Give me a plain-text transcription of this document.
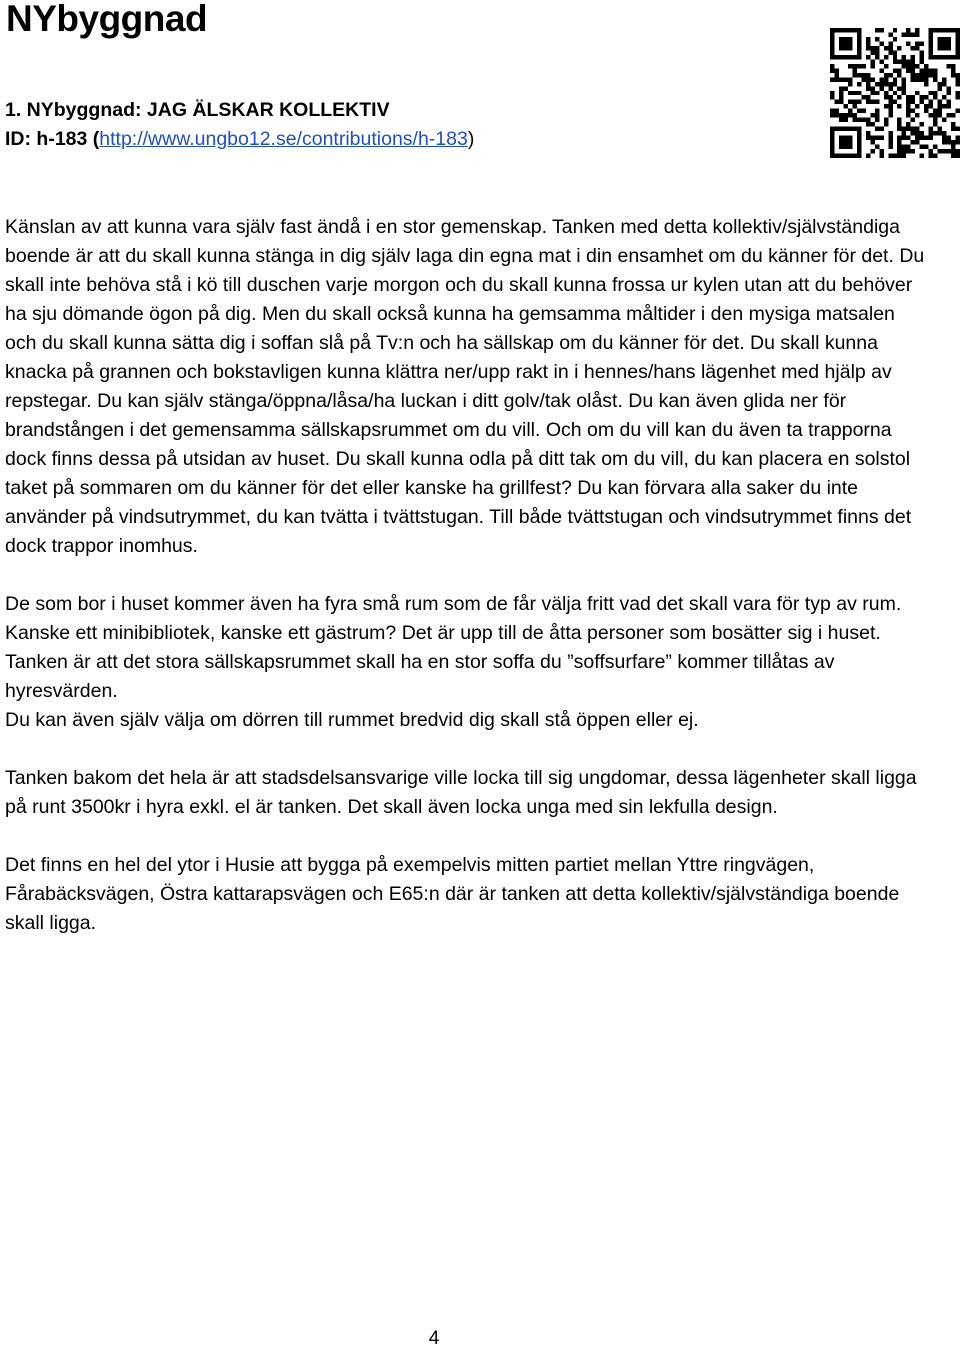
NYbyggnad
1. NYbyggnad: JAG ÄLSKAR KOLLEKTIV
ID: h-183 (http://www.ungbo12.se/contributions/h-183)

Känslan av att kunna vara själv fast ändå i en stor gemenskap. Tanken med detta kollektiv/självständiga boende är att du skall kunna stänga in dig själv laga din egna mat i din ensamhet om du känner för det. Du skall inte behöva stå i kö till duschen varje morgon och du skall kunna frossa ur kylen utan att du behöver ha sju dömande ögon på dig. Men du skall också kunna ha gemsamma måltider i den mysiga matsalen och du skall kunna sätta dig i soffan slå på Tv:n och ha sällskap om du känner för det. Du skall kunna knacka på grannen och bokstavligen kunna klättra ner/upp rakt in i hennes/hans lägenhet med hjälp av repstegar. Du kan själv stänga/öppna/låsa/ha luckan i ditt golv/tak olåst. Du kan även glida ner för brandstången i det gemensamma sällskapsrummet om du vill. Och om du vill kan du även ta trapporna dock finns dessa på utsidan av huset. Du skall kunna odla på ditt tak om du vill, du kan placera en solstol taket på sommaren om du känner för det eller kanske ha grillfest? Du kan förvara alla saker du inte använder på vindsutrymmet, du kan tvätta i tvättstugan. Till både tvättstugan och vindsutrymmet finns det dock trappor inomhus.

De som bor i huset kommer även ha fyra små rum som de får välja fritt vad det skall vara för typ av rum. Kanske ett minibibliotek, kanske ett gästrum? Det är upp till de åtta personer som bosätter sig i huset.

Tanken är att det stora sällskapsrummet skall ha en stor soffa du ”soffsurfare” kommer tillåtas av hyresvärden.

Du kan även själv välja om dörren till rummet bredvid dig skall stå öppen eller ej.

Tanken bakom det hela är att stadsdelsansvarige ville locka till sig ungdomar, dessa lägenheter skall ligga på runt 3500kr i hyra exkl. el är tanken. Det skall även locka unga med sin lekfulla design.

Det finns en hel del ytor i Husie att bygga på exempelvis mitten partiet mellan Yttre ringvägen, Fårabäcksvägen, Östra kattarapsvägen och E65:n där är tanken att detta kollektiv/självständiga boende skall ligga.

4
